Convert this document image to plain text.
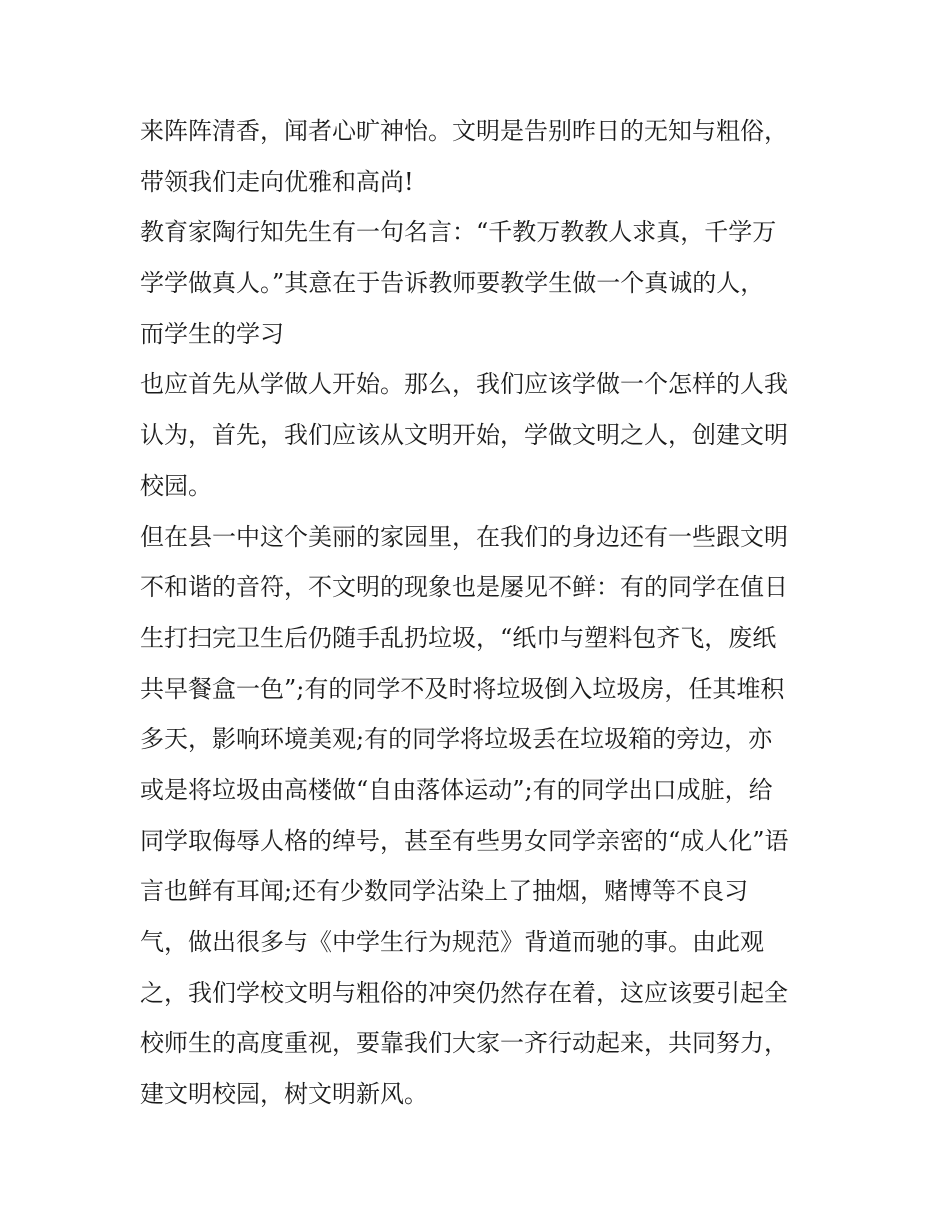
来阵阵清香，闻者心旷神怡。文明是告别昨日的无知与粗俗，
带领我们走向优雅和高尚!
教育家陶行知先生有一句名言：“千教万教教人求真，千学万
学学做真人。”其意在于告诉教师要教学生做一个真诚的人，
而学生的学习
也应首先从学做人开始。那么，我们应该学做一个怎样的人我
认为，首先，我们应该从文明开始，学做文明之人，创建文明
校园。
但在县一中这个美丽的家园里，在我们的身边还有一些跟文明
不和谐的音符，不文明的现象也是屡见不鲜：有的同学在值日
生打扫完卫生后仍随手乱扔垃圾，“纸巾与塑料包齐飞，废纸
共早餐盒一色”;有的同学不及时将垃圾倒入垃圾房，任其堆积
多天，影响环境美观;有的同学将垃圾丢在垃圾箱的旁边，亦
或是将垃圾由高楼做“自由落体运动”;有的同学出口成脏，给
同学取侮辱人格的绰号，甚至有些男女同学亲密的“成人化”语
言也鲜有耳闻;还有少数同学沾染上了抽烟，赌博等不良习
气，做出很多与《中学生行为规范》背道而驰的事。由此观
之，我们学校文明与粗俗的冲突仍然存在着，这应该要引起全
校师生的高度重视，要靠我们大家一齐行动起来，共同努力，
建文明校园，树文明新风。
